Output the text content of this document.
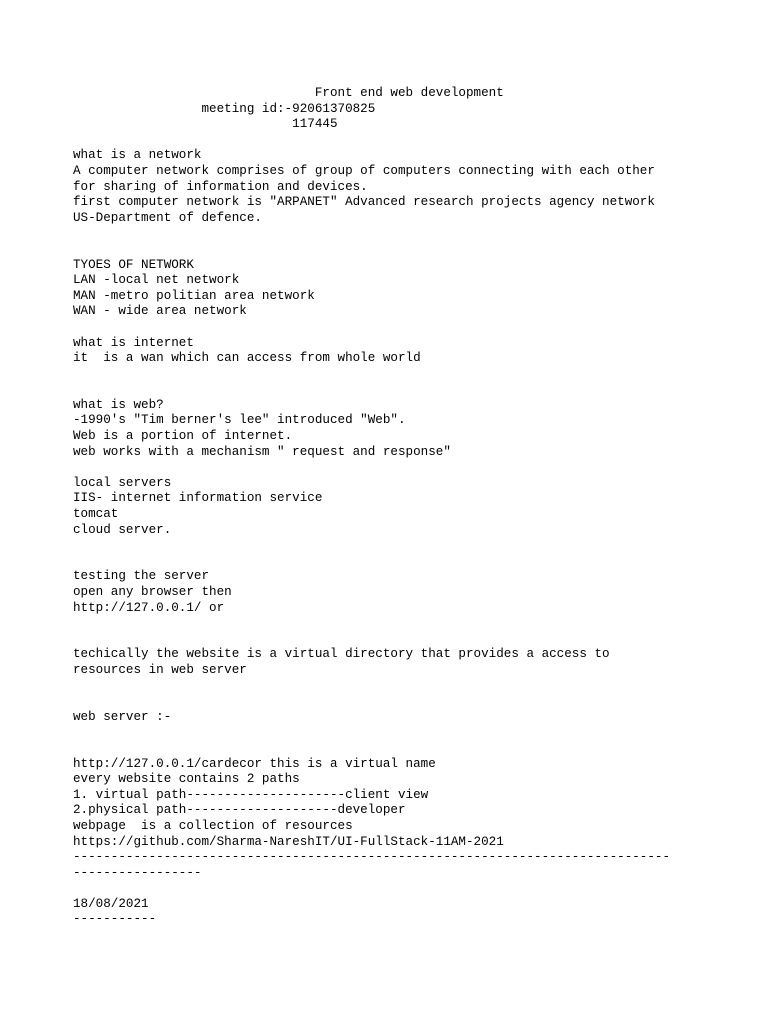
Front end web development
meeting id:-92061370825
117445
what is a network
A computer network comprises of group of computers connecting with each other
for sharing of information and devices.
first computer network is "ARPANET" Advanced research projects agency network
US-Department of defence.
TYOES OF NETWORK
LAN -local net network
MAN -metro politian area network
WAN - wide area network
what is internet
it  is a wan which can access from whole world
what is web?
-1990's "Tim berner's lee" introduced "Web".
Web is a portion of internet.
web works with a mechanism " request and response"
local servers
IIS- internet information service
tomcat
cloud server.
testing the server
open any browser then
http://127.0.0.1/ or
techically the website is a virtual directory that provides a access to
resources in web server
web server :-
http://127.0.0.1/cardecor this is a virtual name
every website contains 2 paths
1. virtual path---------------------client view
2.physical path--------------------developer
webpage  is a collection of resources
https://github.com/Sharma-NareshIT/UI-FullStack-11AM-2021
-------------------------------------------------------------------------------
-----------------
18/08/2021
-----------
